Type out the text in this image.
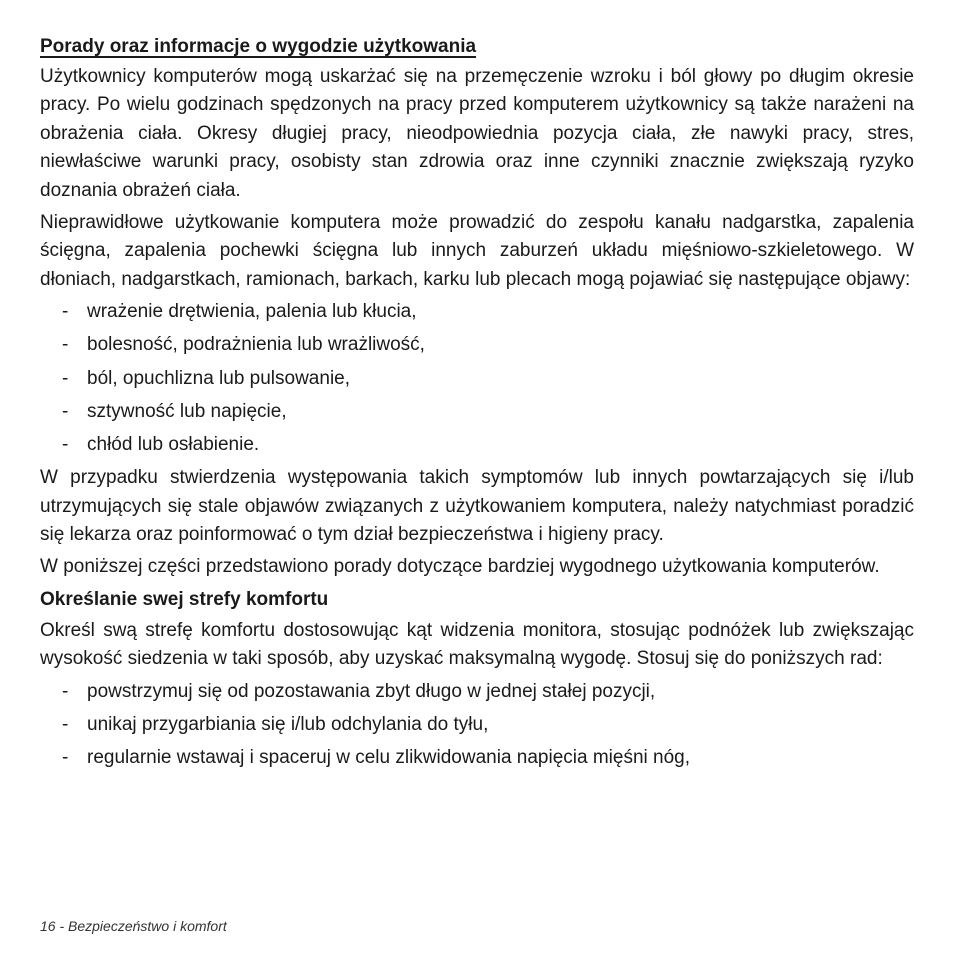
Porady oraz informacje o wygodzie użytkowania

Użytkownicy komputerów mogą uskarżać się na przemęczenie wzroku i ból głowy po długim okresie pracy. Po wielu godzinach spędzonych na pracy przed komputerem użytkownicy są także narażeni na obrażenia ciała. Okresy długiej pracy, nieodpowiednia pozycja ciała, złe nawyki pracy, stres, niewłaściwe warunki pracy, osobisty stan zdrowia oraz inne czynniki znacznie zwiększają ryzyko doznania obrażeń ciała.

Nieprawidłowe użytkowanie komputera może prowadzić do zespołu kanału nadgarstka, zapalenia ścięgna, zapalenia pochewki ścięgna lub innych zaburzeń układu mięśniowo-szkieletowego. W dłoniach, nadgarstkach, ramionach, barkach, karku lub plecach mogą pojawiać się następujące objawy:

- wrażenie drętwienia, palenia lub kłucia,
- bolesność, podrażnienia lub wrażliwość,
- ból, opuchlizna lub pulsowanie,
- sztywność lub napięcie,
- chłód lub osłabienie.

W przypadku stwierdzenia występowania takich symptomów lub innych powtarzających się i/lub utrzymujących się stale objawów związanych z użytkowaniem komputera, należy natychmiast poradzić się lekarza oraz poinformować o tym dział bezpieczeństwa i higieny pracy.

W poniższej części przedstawiono porady dotyczące bardziej wygodnego użytkowania komputerów.

Określanie swej strefy komfortu

Określ swą strefę komfortu dostosowując kąt widzenia monitora, stosując podnóżek lub zwiększając wysokość siedzenia w taki sposób, aby uzyskać maksymalną wygodę. Stosuj się do poniższych rad:

- powstrzymuj się od pozostawania zbyt długo w jednej stałej pozycji,
- unikaj przygarbiania się i/lub odchylania do tyłu,
- regularnie wstawaj i spaceruj w celu zlikwidowania napięcia mięśni nóg,
16 - Bezpieczeństwo i komfort
